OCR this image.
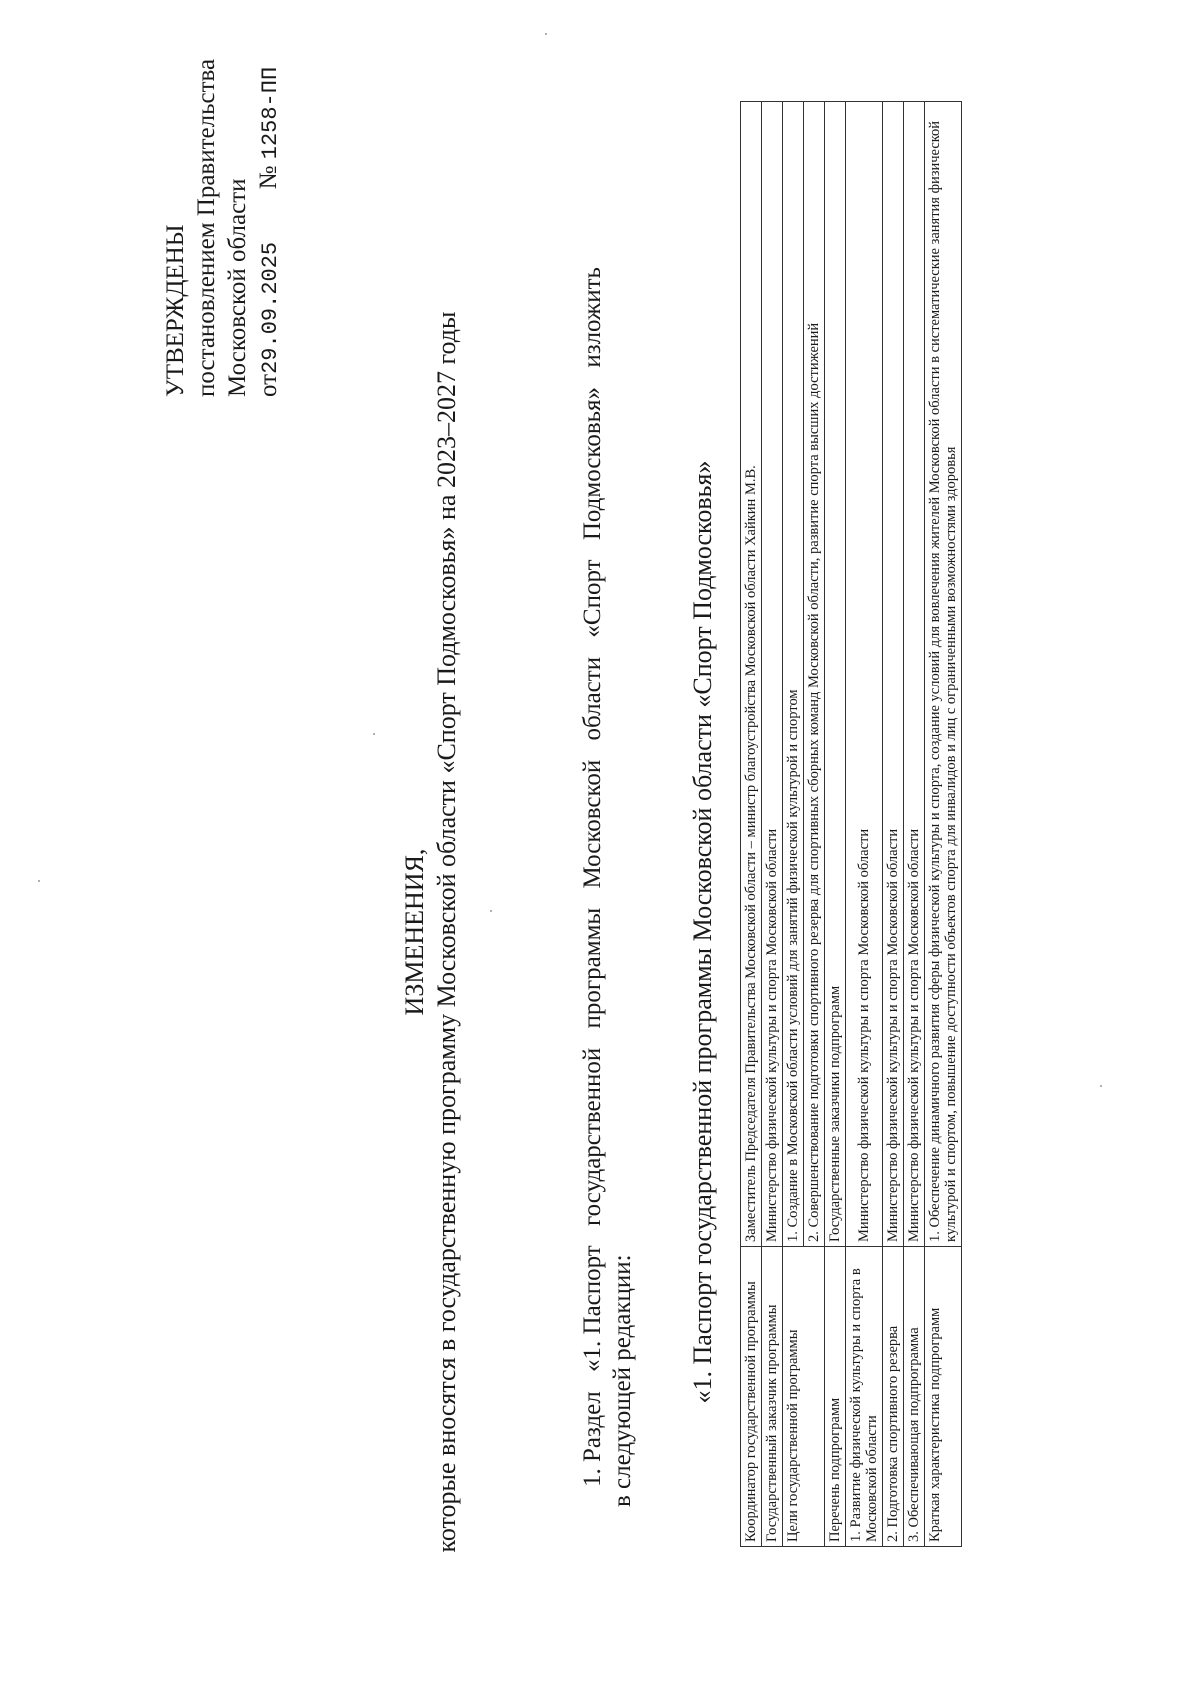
УТВЕРЖДЕНЫ постановлением Правительства Московской области от29.09.2025  № 1258-ПП
ИЗМЕНЕНИЯ, которые вносятся в государственную программу Московской области «Спорт Подмосковья» на 2023–2027 годы	1. Раздел
«1. Паспорт
государственной
программы
Московской
области
«Спорт
Подмосковья»
изложить
в следующей редакции: «1. Паспорт государственной программы Московской области «Спорт Подмосковья»
Координатор государственной программы	Заместитель Председателя Правительства Московской области – министр благоустройства Московской области Хайкин М.В.
Государственный заказчик программы	Министерство физической культуры и спорта Московской области
Цели государственной программы	1. Создание в Московской области условий для занятий физической культурой и спортом
	2. Совершенствование подготовки спортивного резерва для спортивных сборных команд Московской области, развитие спорта высших достижений
Перечень подпрограмм	Государственные заказчики подпрограмм
1. Развитие физической культуры и спорта в Московской области	Министерство физической культуры и спорта Московской области
2. Подготовка спортивного резерва	Министерство физической культуры и спорта Московской области
3. Обеспечивающая подпрограмма	Министерство физической культуры и спорта Московской области
Краткая характеристика подпрограмм	1. Обеспечение динамичного развития сферы физической культуры и спорта, создание условий для вовлечения жителей Московской области в систематические занятия физической культурой и спортом, повышение доступности объектов спорта для инвалидов и лиц с ограниченными возможностями здоровья
